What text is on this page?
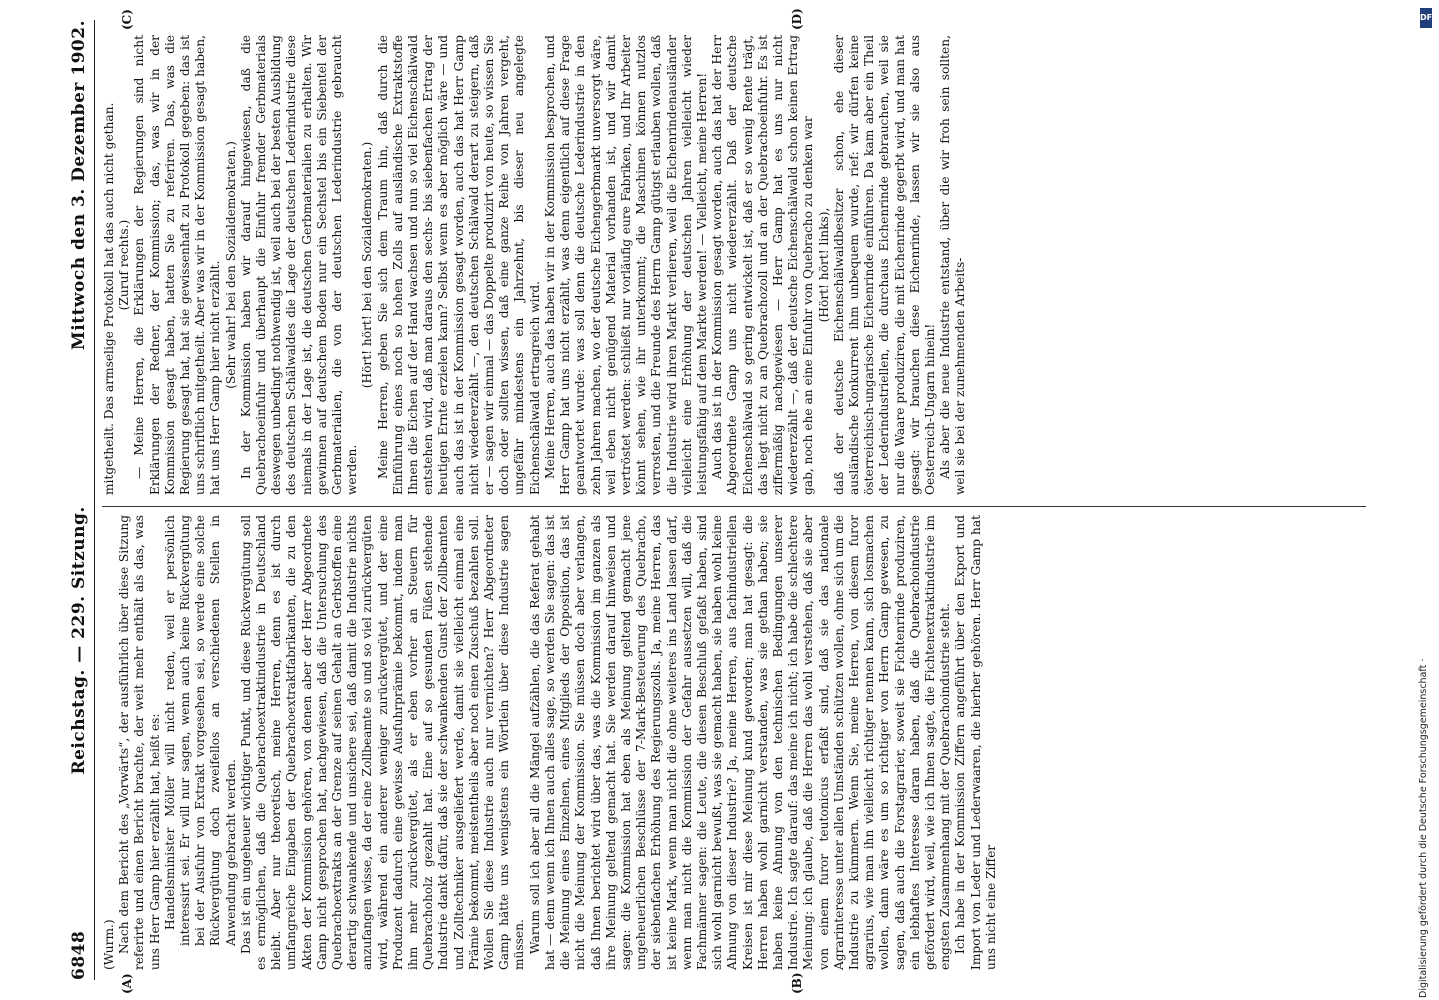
6848
Reichstag. — 229. Sitzung.
Mittwoch den 3. Dezember 1902.
(A)	(B)
(C)	(D)

(Wurm.) Nach dem Bericht des „Vorwärts“, der ausführlich über diese Sitzung referirte und einen Bericht brachte, der weit mehr enthält als das, was uns Herr Gamp hier erzählt hat, heißt es: Handelsminister Möller will nicht reden, weil er persönlich interessirt sei. Er will nur sagen, wenn auch keine Rückvergütung bei der Ausfuhr von Extrakt vorgesehen sei, so werde eine solche Rückvergütung doch zweifellos an verschiedenen Stellen in Anwendung gebracht werden. Das ist ein ungeheuer wichtiger Punkt, und diese Rückvergütung soll es ermöglichen, daß die Quebrachoextraktindustrie in Deutschland bleibt. Aber nur theoretisch, meine Herren, denn es ist durch umfangreiche Eingaben der Quebrachoextraktfabrikanten, die zu den Akten der Kommission gehören, von denen aber der Herr Abgeordnete Gamp nicht gesprochen hat, nachgewiesen, daß die Untersuchung des Quebrachoextrakts an der Grenze auf seinen Gehalt an Gerbstoffen eine derartig schwankende und unsichere sei, daß damit die Industrie nichts anzufangen wisse, da der eine Zollbeamte so und so viel zurückvergüten wird, während ein anderer weniger zurückvergütet, und der eine Produzent dadurch eine gewisse Ausfuhrprämie bekommt, indem man ihm mehr zurückvergütet, als er eben vorher an Steuern für Quebrachoholz gezahlt hat. Eine auf so gesunden Füßen stehende Industrie dankt dafür, daß sie der schwankenden Gunst der Zollbeamten und Zolltechniker ausgeliefert werde, damit sie vielleicht einmal eine Prämie bekommt, meistentheils aber noch einen Zuschuß bezahlen soll. Wollen Sie diese Industrie auch nur vernichten? Herr Abgeordneter Gamp hätte uns wenigstens ein Wörtlein über diese Industrie sagen müssen. Warum soll ich aber all die Mängel aufzählen, die das Referat gehabt hat — denn wenn ich Ihnen auch alles sage, so werden Sie sagen: das ist die Meinung eines Einzelnen, eines Mitglieds der Opposition, das ist nicht die Meinung der Kommission. Sie müssen doch aber verlangen, daß Ihnen berichtet wird über das, was die Kommission im ganzen als ihre Meinung geltend gemacht hat. Sie werden darauf hinweisen und sagen: die Kommission hat eben als Meinung geltend gemacht jene ungeheuerlichen Beschlüsse der 7-Mark-Besteuerung des Quebracho, der siebenfachen Erhöhung des Regierungszolls. Ja, meine Herren, das ist keine Mark, wenn man nicht die ohne weiteres ins Land lassen darf, wenn man nicht die Kommission der Gefahr aussetzen will, daß die Fachmänner sagen: die Leute, die diesen Beschluß gefaßt haben, sind sich wohl garnicht bewußt, was sie gemacht haben, sie haben wohl keine Ahnung von dieser Industrie? Ja, meine Herren, aus fachindustriellen Kreisen ist mir diese Meinung kund geworden; man hat gesagt: die Herren haben wohl garnicht verstanden, was sie gethan haben; sie haben keine Ahnung von den technischen Bedingungen unserer Industrie. Ich sagte darauf: das meine ich nicht; ich habe die schlechtere Meinung: ich glaube, daß die Herren das wohl verstehen, daß sie aber von einem furor teutonicus erfaßt sind, daß sie das nationale Agrarinteresse unter allen Umständen schützen wollen, ohne sich um die Industrie zu kümmern. Wenn Sie, meine Herren, von diesem furor agrarius, wie man ihn vielleicht richtiger nennen kann, sich losmachen wollen, dann wäre es um so richtiger von Herrn Gamp gewesen, zu sagen, daß auch die Forstagrarier, soweit sie Fichtenrinde produziren, ein lebhaftes Interesse daran haben, daß die Quebrachoindustrie gefördert wird, weil, wie ich Ihnen sagte, die Fichtenextraktindustrie im engsten Zusammenhang mit der Quebrachoindustrie steht. Ich habe in der Kommission Ziffern angeführt über den Export und Import von Leder und Lederwaaren, die hierher gehören. Herr Gamp hat uns nicht eine Ziffer

mitgetheilt. Das armselige Protokoll hat das auch nicht gethan. (Zuruf rechts.) — Meine Herren, die Erklärungen der Regierungen sind nicht Erklärungen der Redner, der Kommission; das, was wir in der Kommission gesagt haben, hatten Sie zu referiren. Das, was die Regierung gesagt hat, hat sie gewissenhaft zu Protokoll gegeben: das ist uns schriftlich mitgetheilt. Aber was wir in der Kommission gesagt haben, hat uns Herr Gamp hier nicht erzählt. (Sehr wahr! bei den Sozialdemokraten.) In der Kommission haben wir darauf hingewiesen, daß die Quebrachoeinfuhr und überhaupt die Einfuhr fremder Gerbmaterials deswegen unbedingt nothwendig ist, weil auch bei der besten Ausbildung des deutschen Schälwaldes die Lage der deutschen Lederindustrie diese niemals in der Lage ist, die deutschen Gerbmaterialien zu erhalten. Wir gewinnen auf deutschem Boden nur ein Sechstel bis ein Siebentel der Gerbmaterialien, die von der deutschen Lederindustrie gebraucht werden.

(Hört! hört! bei den Sozialdemokraten.) Meine Herren, geben Sie sich dem Traum hin, daß durch die Einführung eines noch so hohen Zolls auf ausländische Extraktstoffe Ihnen die Eichen auf der Hand wachsen und nun so viel Eichenschälwald entstehen wird, daß man daraus den sechs- bis siebenfachen Ertrag der heutigen Ernte erzielen kann? Selbst wenn es aber möglich wäre — und auch das ist in der Kommission gesagt worden, auch das hat Herr Gamp nicht wiedererzählt —, den deutschen Schälwald derart zu steigern, daß er — sagen wir einmal — das Doppelte produzirt von heute, so wissen Sie doch oder sollten wissen, daß eine ganze Reihe von Jahren vergeht, ungefähr mindestens ein Jahrzehnt, bis dieser neu angelegte Eichenschälwald ertragreich wird. Meine Herren, auch das haben wir in der Kommission besprochen, und Herr Gamp hat uns nicht erzählt, was denn eigentlich auf diese Frage geantwortet wurde: was soll denn die deutsche Lederindustrie in den zehn Jahren machen, wo der deutsche Eichengerbmarkt unversorgt wäre, weil eben nicht genügend Material vorhanden ist, und wir damit vertröstet werden: schließt nur vorläufig eure Fabriken, und Ihr Arbeiter könnt sehen, wie ihr unterkommt; die Maschinen können nutzlos verrosten, und die Freunde des Herrn Gamp gütigst erlauben wollen, daß die Industrie wird ihren Markt verlieren, weil die Eichenrindenausländer vielleicht eine Erhöhung der deutschen Jahren vielleicht wieder leistungsfähig auf dem Markte werden! — Vielleicht, meine Herren! Auch das ist in der Kommission gesagt worden, auch das hat der Herr Abgeordnete Gamp uns nicht wiedererzählt. Daß der deutsche Eichenschälwald so gering entwickelt ist, daß er so wenig Rente trägt, das liegt nicht zu an Quebrachozoll und an der Quebrachoeinfuhr. Es ist ziffermäßig nachgewiesen — Herr Gamp hat es uns nur nicht wiedererzählt —, daß der deutsche Eichenschälwald schon keinen Ertrag gab, noch ehe an eine Einfuhr von Quebracho zu denken war (Hört! hört! links), daß der deutsche Eichenschälwaldbesitzer schon, ehe dieser ausländische Konkurrent ihm unbequem wurde, rief: wir dürfen keine österreichisch-ungarische Eichenrinde einführen. Da kam aber ein Theil der Lederindustriellen, die durchaus Eichenrinde gebrauchen, weil sie nur die Waare produziren, die mit Eichenrinde gegerbt wird, und man hat gesagt: wir brauchen diese Eichenrinde, lassen wir sie also aus Oesterreich-Ungarn hinein! Als aber die neue Industrie entstand, über die wir froh sein sollten, weil sie bei der zunehmenden Arbeits-

DFG
Digitalisierung gefördert durch die Deutsche Forschungsgemeinschaft ·
